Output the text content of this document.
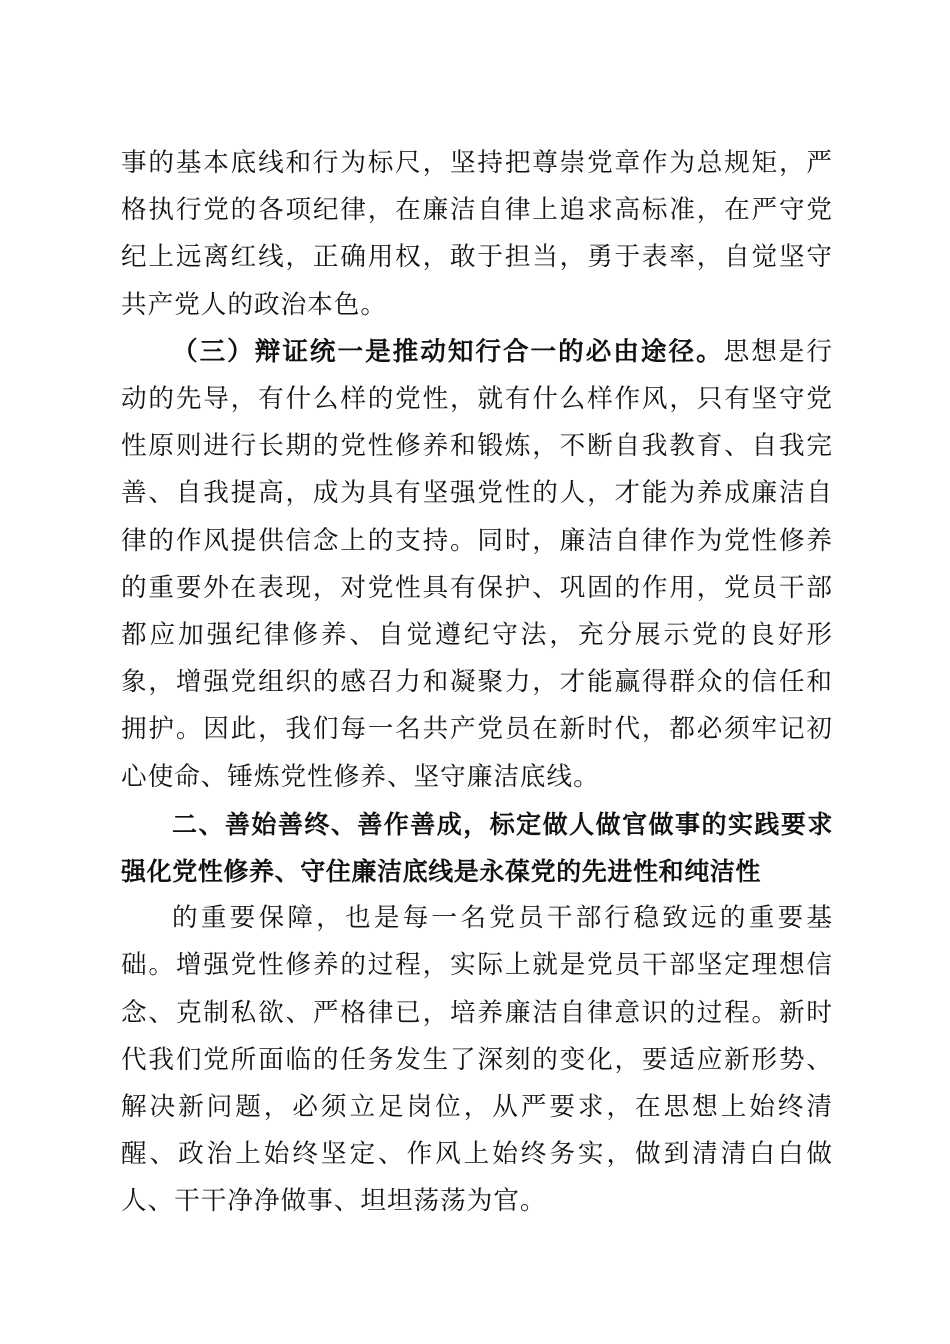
事的基本底线和行为标尺，坚持把尊崇党章作为总规矩，严格执行党的各项纪律，在廉洁自律上追求高标准，在严守党纪上远离红线，正确用权，敢于担当，勇于表率，自觉坚守共产党人的政治本色。

（三）辩证统一是推动知行合一的必由途径。思想是行动的先导，有什么样的党性，就有什么样作风，只有坚守党性原则进行长期的党性修养和锻炼，不断自我教育、自我完善、自我提高，成为具有坚强党性的人，才能为养成廉洁自律的作风提供信念上的支持。同时，廉洁自律作为党性修养的重要外在表现，对党性具有保护、巩固的作用，党员干部都应加强纪律修养、自觉遵纪守法，充分展示党的良好形象，增强党组织的感召力和凝聚力，才能赢得群众的信任和拥护。因此，我们每一名共产党员在新时代，都必须牢记初心使命、锤炼党性修养、坚守廉洁底线。

二、善始善终、善作善成，标定做人做官做事的实践要求强化党性修养、守住廉洁底线是永葆党的先进性和纯洁性

的重要保障，也是每一名党员干部行稳致远的重要基础。增强党性修养的过程，实际上就是党员干部坚定理想信念、克制私欲、严格律已，培养廉洁自律意识的过程。新时代我们党所面临的任务发生了深刻的变化，要适应新形势、解决新问题，必须立足岗位，从严要求，在思想上始终清醒、政治上始终坚定、作风上始终务实，做到清清白白做人、干干净净做事、坦坦荡荡为官。
